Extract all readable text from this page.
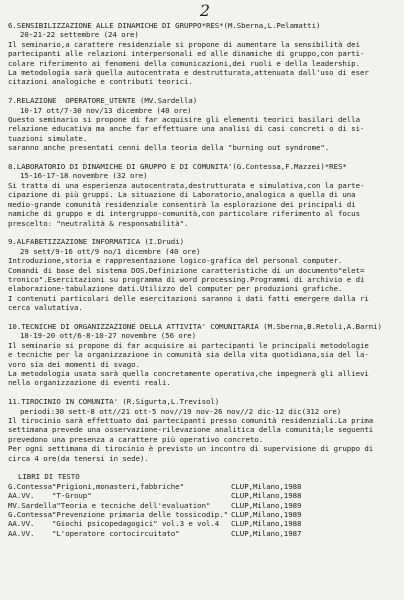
2
6.SENSIBILIZZAZIONE ALLE DINAMICHE DI GRUPPO*RES*(M.Sberna,L.Pelamatti)
20-21-22 settembre (24 ore)
Il seminario,a carattere residenziale si propone di aumentare la sensibilità dei
partecipanti alle relazioni interpersonali ed alle dinamiche di gruppo,con parti-
colare riferimento ai fenomeni della comunicazioni,dei ruoli e della leadership.
La metodologia sarà quella autocentrata e destrutturata,attenuata dall'uso di eser
citazioni analogiche e contributi teorici.
7.RELAZIONE  OPERATORE_UTENTE (MV.Sardella)
10-17 ott/7-30 nov/13 dicembre (40 ore)
Questo seminario si propone di far acquisire gli elementi teorici basilari della
relazione educativa ma anche far effettuare una analisi di casi concreti o di si-
tuazioni simulate.
saranno anche presentati cenni della teoria della "burning out syndrome".
8.LABORATORIO DI DINAMICHE DI GRUPPO E DI COMUNITA'(G.Contessa,F.Mazzei)*RES*
15-16-17-18 novembre (32 ore)
Si tratta di una esperienza autocentrata,destrutturata e simulativa,con la parte-
cipazione di più gruppi. La situazione di Laboratorio,analogica a quella di una
medio-grande comunità residenziale consentirà la esplorazione dei principali di
namiche di gruppo e di intergruppo-comunità,con particolare riferimento al focus
prescelto: "neutralità & responsabilità".
9.ALFABETIZZAZIONE INFORMATICA (I.Drudi)
29 sett/9-16 ott/9 no/1 dicembre (40 ore)
Introduzione,storia e rappresentazione logico-grafica del personal computer.
Comandi di base del sistema DOS.Definizione caratteristiche di un documento"elet=
tronico".Esercitazioni su programma di word processing.Programmi di archivio e di
elaborazione-tabulazione dati.Utilizzo del computer per produzioni grafiche.
I contenuti particolari delle esercitazioni saranno i dati fatti emergere dalla ri
cerca valutativa.
10.TECNICHE DI ORGANIZZAZIONE DELLA ATTIVITA' COMUNITARIA (M.Sberna,B.Retoli,A.Barni)
18-19-20 ott/6-8-10-27 novembre (56 ore)
Il seminario si propone di far acquisire ai partecipanti le principali metodologie
e tecniche per la organizzazione in comunità sia della vita quotidiana,sia del la-
voro sia dei momenti di svago.
La metodologia usata sarà quella concretamente operativa,che impegnerà gli allievi
nella organizzazione di eventi reali.
11.TIROCINIO IN COMUNITA' (R.Sigurta,L.Trevisol)
periodi:30 sett-8 ott//21 ott-5 nov//19 nov-26 nov//2 dic-12 dic(312 ore)
Il tirocinio sarà effettuato dai partecipanti presso comunità residenziali.La prima
settimana prevede una osservazione-rilevazione analitica della comunità;le seguenti
prevedono una presenza a carattere più operativo concreto.
Per ogni settimana di tirocinio è previsto un incontro di supervisione di gruppo di
circa 4 ore(da tenersi in sede).
LIBRI DI TESTO
G.Contessa"Prigioni,monasteri,fabbriche"	CLUP,Milano,1988
AA.VV.    "T-Group"	CLUP,Milano,1988
MV.Sardella"Teoria e tecniche dell'evaluation"	CLUP,Milano,1989
G.Contessa"Prevenzione primaria delle tossicodip." CLUP,Milano,1989
AA.VV.    "Giochi psicopedagogici" vol.3 e vol.4	CLUP,Milano,1988
AA.VV.    "L'operatore cortocircuitato"	CLUP,Milano,1987
